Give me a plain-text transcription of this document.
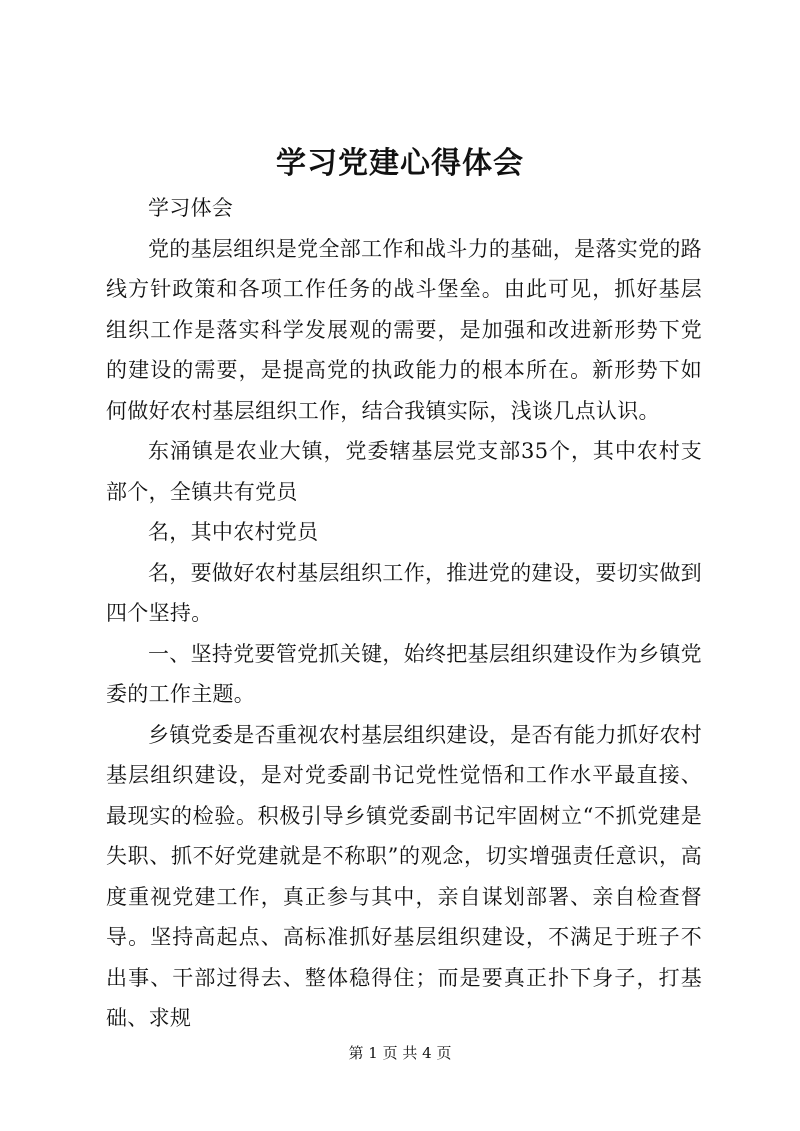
学习党建心得体会

学习体会

党的基层组织是党全部工作和战斗力的基础，是落实党的路线方针政策和各项工作任务的战斗堡垒。由此可见，抓好基层组织工作是落实科学发展观的需要，是加强和改进新形势下党的建设的需要，是提高党的执政能力的根本所在。新形势下如何做好农村基层组织工作，结合我镇实际，浅谈几点认识。

东涌镇是农业大镇，党委辖基层党支部35个，其中农村支部个，全镇共有党员

名，其中农村党员

名，要做好农村基层组织工作，推进党的建设，要切实做到四个坚持。

一、坚持党要管党抓关键，始终把基层组织建设作为乡镇党委的工作主题。

乡镇党委是否重视农村基层组织建设，是否有能力抓好农村基层组织建设，是对党委副书记党性觉悟和工作水平最直接、最现实的检验。积极引导乡镇党委副书记牢固树立“不抓党建是失职、抓不好党建就是不称职”的观念，切实增强责任意识，高度重视党建工作，真正参与其中，亲自谋划部署、亲自检查督导。坚持高起点、高标准抓好基层组织建设，不满足于班子不出事、干部过得去、整体稳得住；而是要真正扑下身子，打基础、求规

第 1 页 共 4 页
